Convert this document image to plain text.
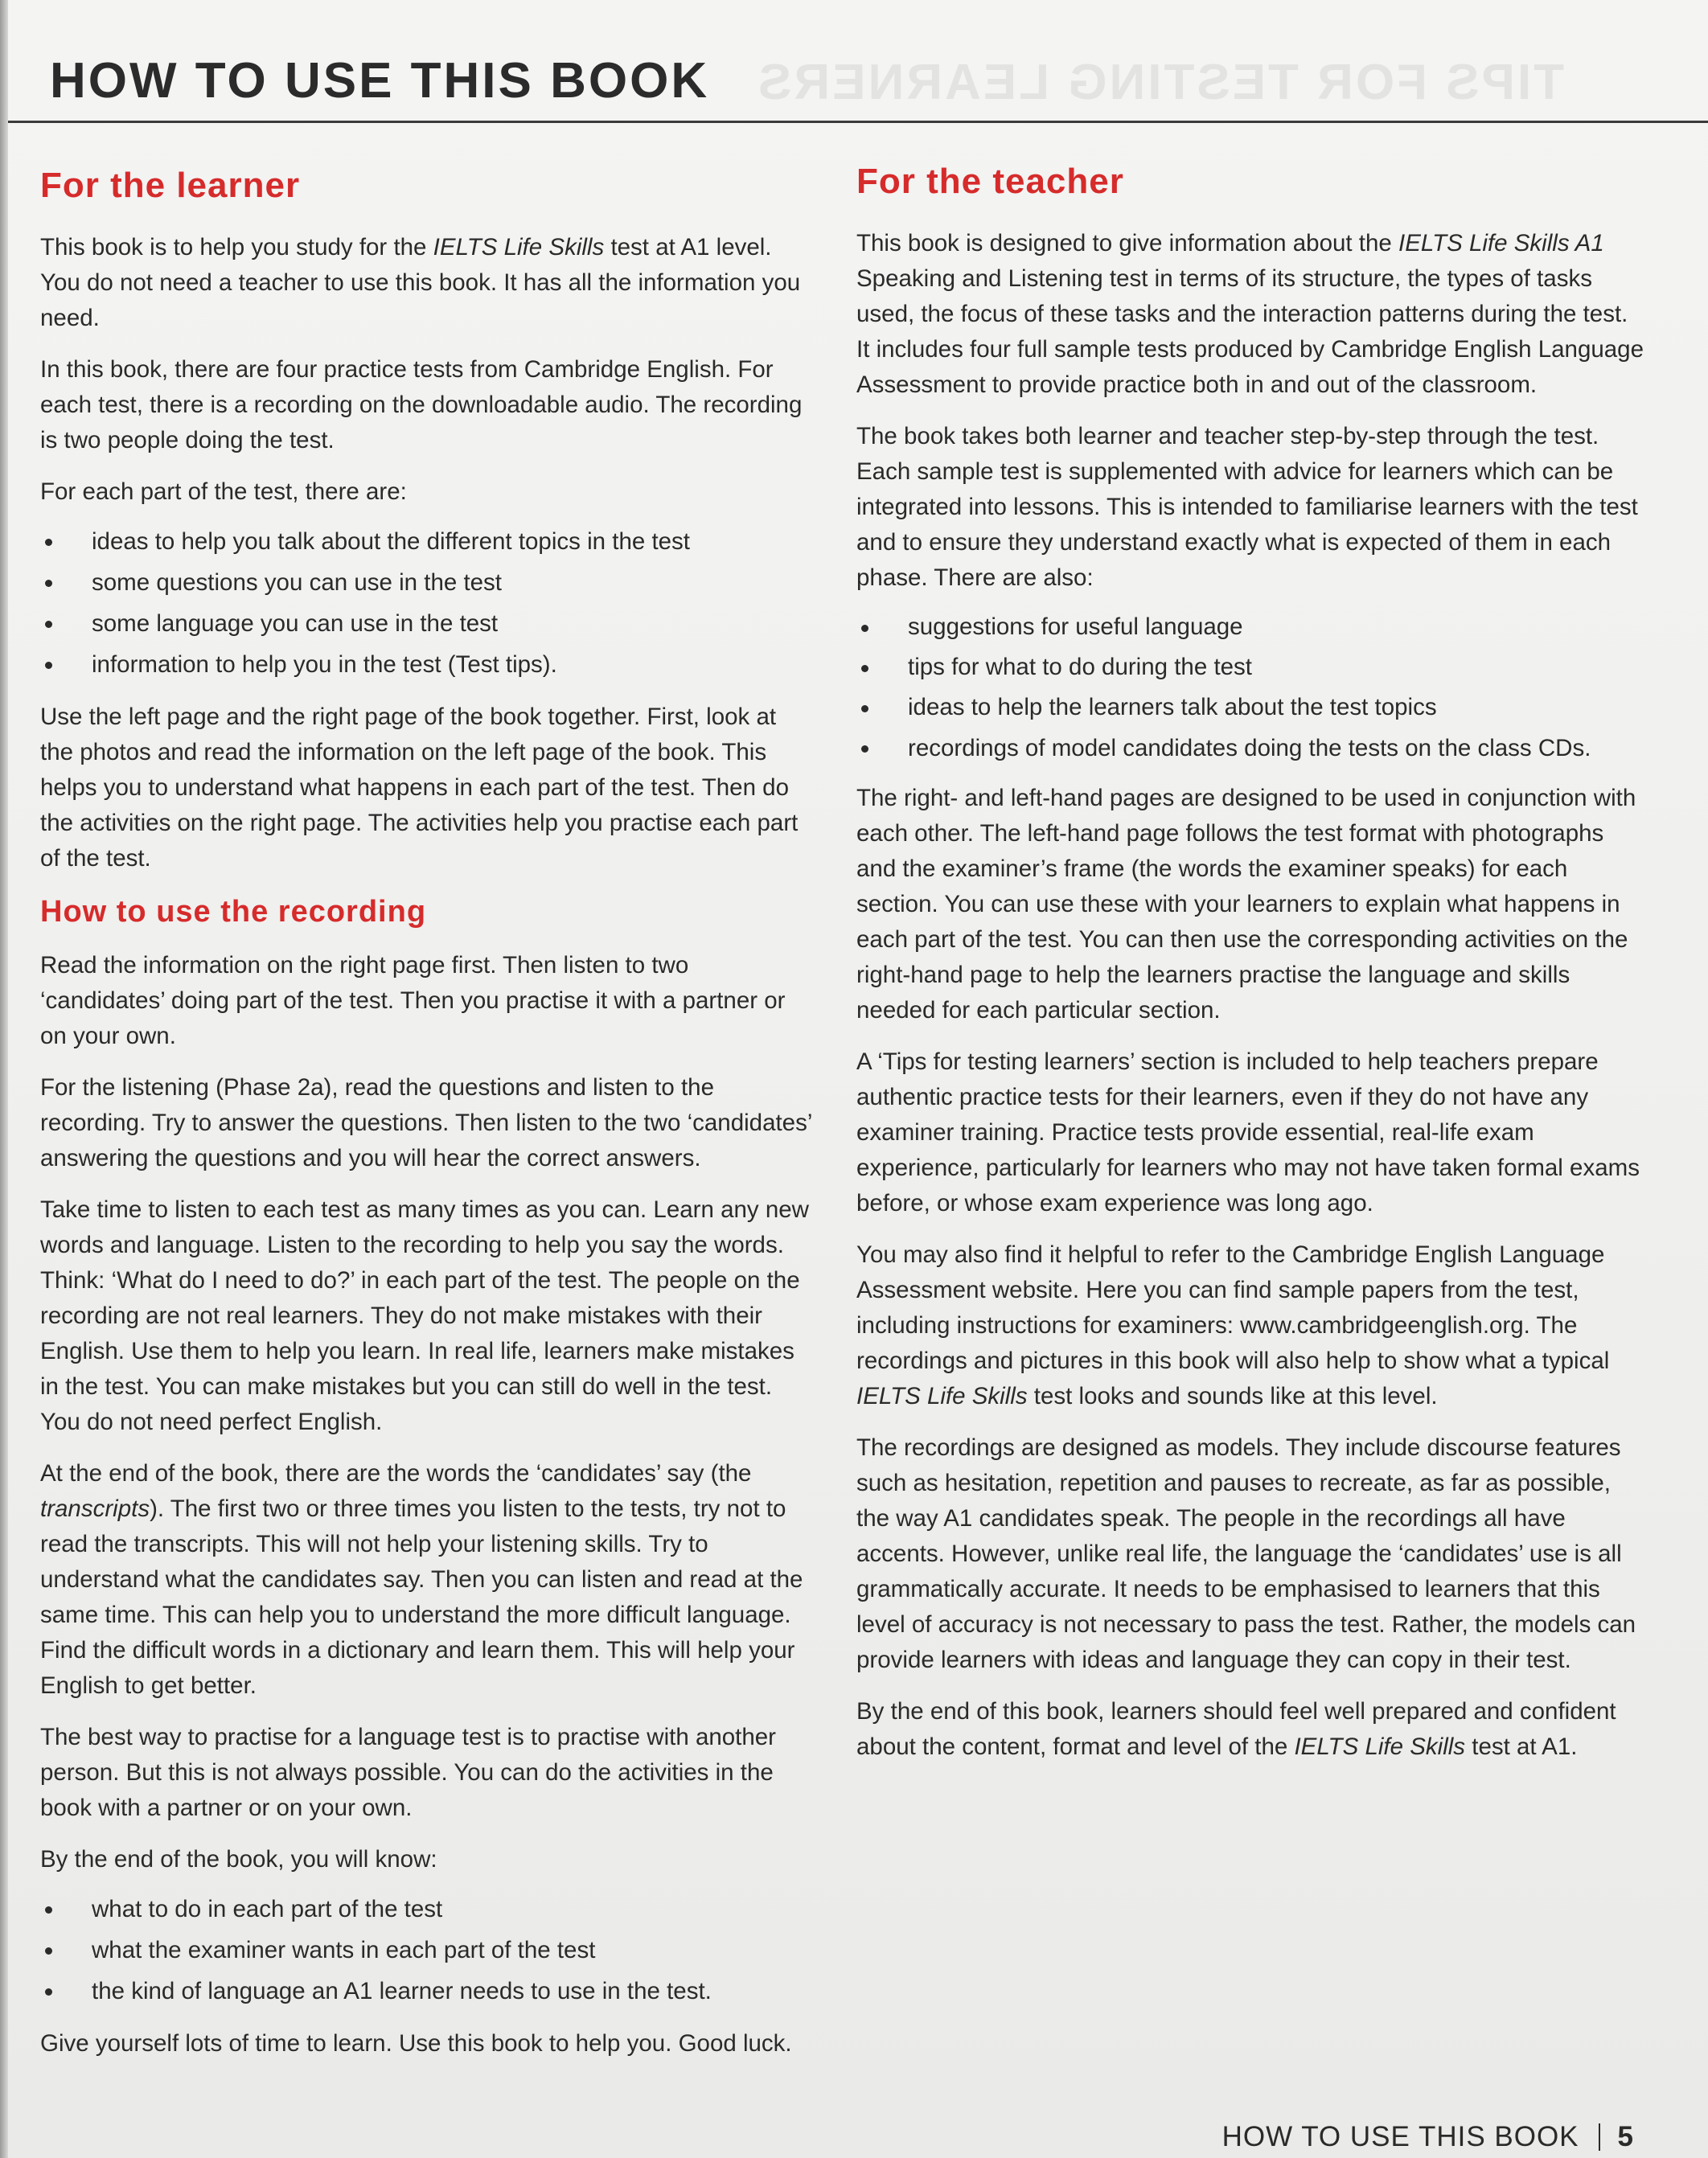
TIPS FOR TESTING LEARNERS
HOW TO USE THIS BOOK
For the learner

This book is to help you study for the IELTS Life Skills test at A1 level. You do not need a teacher to use this book. It has all the information you need.

In this book, there are four practice tests from Cambridge English. For each test, there is a recording on the downloadable audio. The recording is two people doing the test.

For each part of the test, there are:

ideas to help you talk about the different topics in the test
some questions you can use in the test
some language you can use in the test
information to help you in the test (Test tips).

Use the left page and the right page of the book together. First, look at the photos and read the information on the left page of the book. This helps you to understand what happens in each part of the test. Then do the activities on the right page. The activities help you practise each part of the test.

How to use the recording

Read the information on the right page first. Then listen to two ‘candidates’ doing part of the test. Then you practise it with a partner or on your own.

For the listening (Phase 2a), read the questions and listen to the recording. Try to answer the questions. Then listen to the two ‘candidates’ answering the questions and you will hear the correct answers.

Take time to listen to each test as many times as you can. Learn any new words and language. Listen to the recording to help you say the words. Think: ‘What do I need to do?’ in each part of the test. The people on the recording are not real learners. They do not make mistakes with their English. Use them to help you learn. In real life, learners make mistakes in the test. You can make mistakes but you can still do well in the test. You do not need perfect English.

At the end of the book, there are the words the ‘candidates’ say (the transcripts). The first two or three times you listen to the tests, try not to read the transcripts. This will not help your listening skills. Try to understand what the candidates say. Then you can listen and read at the same time. This can help you to understand the more difficult language. Find the difficult words in a dictionary and learn them. This will help your English to get better.

The best way to practise for a language test is to practise with another person. But this is not always possible. You can do the activities in the book with a partner or on your own.

By the end of the book, you will know:

what to do in each part of the test
what the examiner wants in each part of the test
the kind of language an A1 learner needs to use in the test.

Give yourself lots of time to learn. Use this book to help you. Good luck.

For the teacher

This book is designed to give information about the IELTS Life Skills A1 Speaking and Listening test in terms of its structure, the types of tasks used, the focus of these tasks and the interaction patterns during the test. It includes four full sample tests produced by Cambridge English Language Assessment to provide practice both in and out of the classroom.

The book takes both learner and teacher step-by-step through the test. Each sample test is supplemented with advice for learners which can be integrated into lessons. This is intended to familiarise learners with the test and to ensure they understand exactly what is expected of them in each phase. There are also:

suggestions for useful language
tips for what to do during the test
ideas to help the learners talk about the test topics
recordings of model candidates doing the tests on the class CDs.

The right- and left-hand pages are designed to be used in conjunction with each other. The left-hand page follows the test format with photographs and the examiner’s frame (the words the examiner speaks) for each section. You can use these with your learners to explain what happens in each part of the test. You can then use the corresponding activities on the right-hand page to help the learners practise the language and skills needed for each particular section.

A ‘Tips for testing learners’ section is included to help teachers prepare authentic practice tests for their learners, even if they do not have any examiner training. Practice tests provide essential, real-life exam experience, particularly for learners who may not have taken formal exams before, or whose exam experience was long ago.

You may also find it helpful to refer to the Cambridge English Language Assessment website. Here you can find sample papers from the test, including instructions for examiners: www.cambridgeenglish.org. The recordings and pictures in this book will also help to show what a typical IELTS Life Skills test looks and sounds like at this level.

The recordings are designed as models. They include discourse features such as hesitation, repetition and pauses to recreate, as far as possible, the way A1 candidates speak. The people in the recordings all have accents. However, unlike real life, the language the ‘candidates’ use is all grammatically accurate. It needs to be emphasised to learners that this level of accuracy is not necessary to pass the test. Rather, the models can provide learners with ideas and language they can copy in their test.

By the end of this book, learners should feel well prepared and confident about the content, format and level of the IELTS Life Skills test at A1.

HOW TO USE THIS BOOK 5
